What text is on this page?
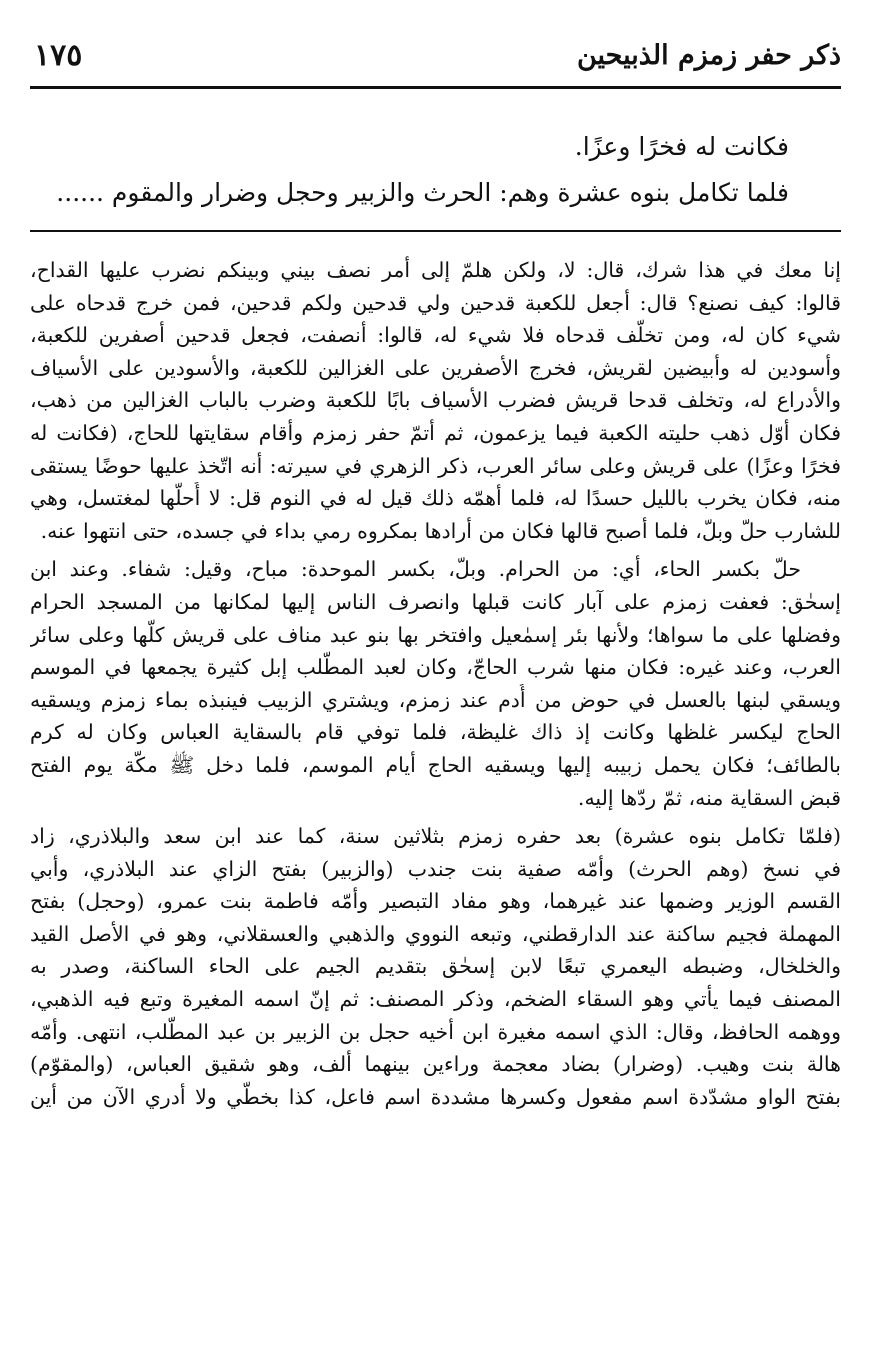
١٧٥	ذكر حفر زمزم الذبيحين
فكانت له فخرًا وعزًا.
فلما تكامل بنوه عشرة وهم: الحرث والزبير وحجل وضرار والمقوم ......
إنا معك في هذا شرك، قال: لا، ولكن هلمّ إلى أمر نصف بيني وبينكم نضرب عليها القداح،
قالوا: كيف نصنع؟ قال: أجعل للكعبة قدحين ولي قدحين ولكم قدحين، فمن خرج قدحاه على
شيء كان له، ومن تخلّف قدحاه فلا شيء له، قالوا: أنصفت، فجعل قدحين أصفرين للكعبة،
وأسودين له وأبيضين لقريش، فخرج الأصفرين على الغزالين للكعبة، والأسودين على الأسياف
والأدراع له، وتخلف قدحا قريش فضرب الأسياف بابًا للكعبة وضرب بالباب الغزالين من ذهب،
فكان أوّل ذهب حليته الكعبة فيما يزعمون، ثم أتمّ حفر زمزم وأقام سقايتها للحاج، (فكانت له
فخرًا وعزًا) على قريش وعلى سائر العرب، ذكر الزهري في سيرته: أنه اتّخذ عليها حوضًا يستقى
منه، فكان يخرب بالليل حسدًا له، فلما أهمّه ذلك قيل له في النوم قل: لا أُحلّها لمغتسل، وهي
للشارب حلّ وبلّ، فلما أصبح قالها فكان من أرادها بمكروه رمي بداء في جسده، حتى انتهوا عنه.
حلّ بكسر الحاء، أي: من الحرام. وبلّ، بكسر الموحدة: مباح، وقيل: شفاء. وعند ابن
إسحٰق: فعفت زمزم على آبار كانت قبلها وانصرف الناس إليها لمكانها من المسجد الحرام
وفضلها على ما سواها؛ ولأنها بئر إسمٰعيل وافتخر بها بنو عبد مناف على قريش كلّها وعلى سائر
العرب، وعند غيره: فكان منها شرب الحاجّ، وكان لعبد المطّلب إبل كثيرة يجمعها في الموسم
ويسقي لبنها بالعسل في حوض من أُدم عند زمزم، ويشتري الزبيب فينبذه بماء زمزم ويسقيه
الحاج ليكسر غلظها وكانت إذ ذاك غليظة، فلما توفي قام بالسقاية العباس وكان له كرم
بالطائف؛ فكان يحمل زبيبه إليها ويسقيه الحاج أيام الموسم، فلما دخل ﷺ مكّة يوم الفتح
قبض السقاية منه، ثمّ ردّها إليه.
(فلمّا تكامل بنوه عشرة) بعد حفره زمزم بثلاثين سنة، كما عند ابن سعد والبلاذري، زاد
في نسخ (وهم الحرث) وأمّه صفية بنت جندب (والزبير) بفتح الزاي عند البلاذري، وأبي
القسم الوزير وضمها عند غيرهما، وهو مفاد التبصير وأمّه فاطمة بنت عمرو، (وحجل) بفتح
المهملة فجيم ساكنة عند الدارقطني، وتبعه النووي والذهبي والعسقلاني، وهو في الأصل القيد
والخلخال، وضبطه اليعمري تبعًا لابن إسحٰق بتقديم الجيم على الحاء الساكنة، وصدر به
المصنف فيما يأتي وهو السقاء الضخم، وذكر المصنف: ثم إنّ اسمه المغيرة وتبع فيه الذهبي،
ووهمه الحافظ، وقال: الذي اسمه مغيرة ابن أخيه حجل بن الزبير بن عبد المطّلب، انتهى. وأمّه
هالة بنت وهيب. (وضرار) بضاد معجمة وراءين بينهما ألف، وهو شقيق العباس، (والمقوّم)
بفتح الواو مشدّدة اسم مفعول وكسرها مشددة اسم فاعل، كذا بخطّي ولا أدري الآن من أين
